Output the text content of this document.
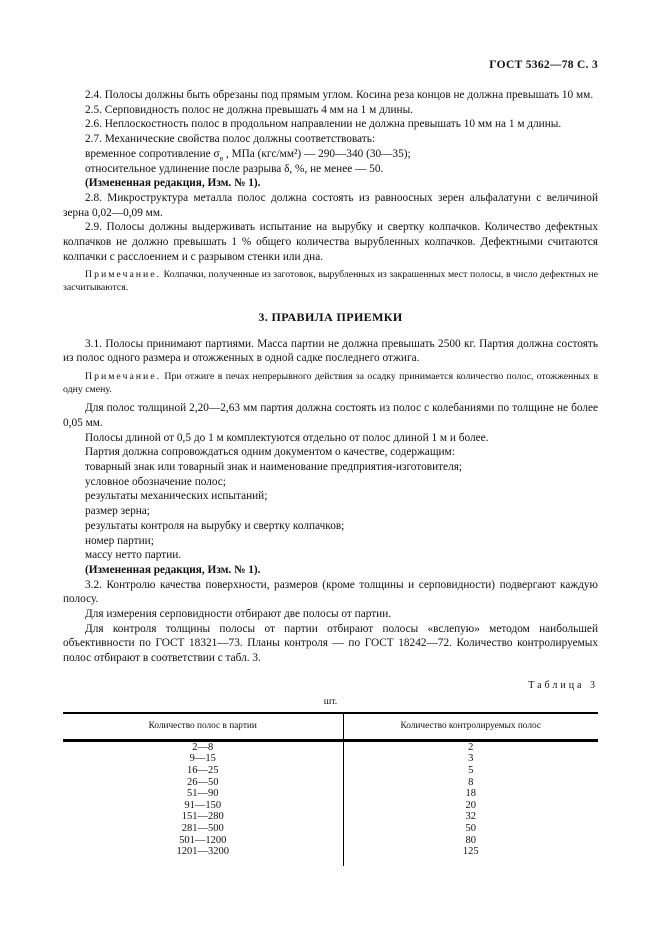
ГОСТ 5362—78 С. 3

2.4. Полосы должны быть обрезаны под прямым углом. Косина реза концов не должна превышать 10 мм.

2.5. Серповидность полос не должна превышать 4 мм на 1 м длины.

2.6. Неплоскостность полос в продольном направлении не должна превышать 10 мм на 1 м длины.

2.7. Механические свойства полос должны соответствовать:

временное сопротивление $\sigma_в$ , МПа (кгс/мм²) — 290—340 (30—35);

относительное удлинение после разрыва δ, %, не менее — 50.

(Измененная редакция, Изм. № 1).

2.8. Микроструктура металла полос должна состоять из равноосных зерен альфалатуни с величиной зерна 0,02—0,09 мм.

2.9. Полосы должны выдерживать испытание на вырубку и свертку колпачков. Количество дефектных колпачков не должно превышать 1 % общего количества вырубленных колпачков. Дефектными считаются колпачки с расслоением и с разрывом стенки или дна.

Примечание. Колпачки, полученные из заготовок, вырубленных из закрашенных мест полосы, в число дефектных не засчитываются.

3. ПРАВИЛА ПРИЕМКИ

3.1. Полосы принимают партиями. Масса партии не должна превышать 2500 кг. Партия должна состоять из полос одного размера и отожженных в одной садке последнего отжига.

Примечание. При отжиге в печах непрерывного действия за осадку принимается количество полос, отожженных в одну смену.

Для полос толщиной 2,20—2,63 мм партия должна состоять из полос с колебаниями по толщине не более 0,05 мм.

Полосы длиной от 0,5 до 1 м комплектуются отдельно от полос длиной 1 м и более.

Партия должна сопровождаться одним документом о качестве, содержащим:

товарный знак или товарный знак и наименование предприятия-изготовителя;

условное обозначение полос;

результаты механических испытаний;

размер зерна;

результаты контроля на вырубку и свертку колпачков;

номер партии;

массу нетто партии.

(Измененная редакция, Изм. № 1).

3.2. Контролю качества поверхности, размеров (кроме толщины и серповидности) подвергают каждую полосу.

Для измерения серповидности отбирают две полосы от партии.

Для контроля толщины полосы от партии отбирают полосы «вслепую» методом наибольшей объективности по ГОСТ 18321—73. Планы контроля — по ГОСТ 18242—72. Количество контролируемых полос отбирают в соответствии с табл. 3.

Таблица 3
шт.
Количество полос в партии	Количество контролируемых полос
2—8	2
9—15	3
16—25	5
26—50	8
51—90	18
91—150	20
151—280	32
281—500	50
501—1200	80
1201—3200	125
